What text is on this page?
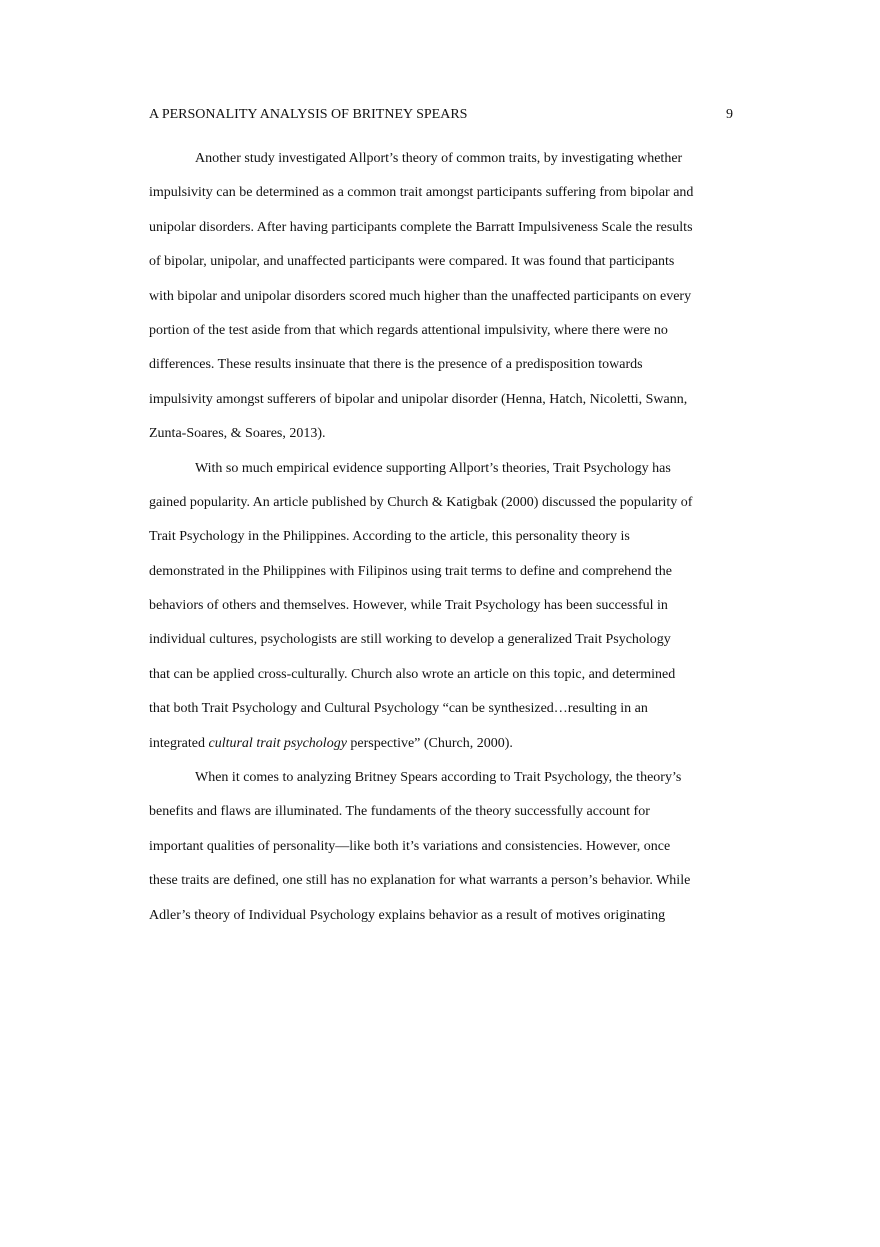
A PERSONALITY ANALYSIS OF BRITNEY SPEARS	9
Another study investigated Allport’s theory of common traits, by investigating whether
impulsivity can be determined as a common trait amongst participants suffering from bipolar and
unipolar disorders. After having participants complete the Barratt Impulsiveness Scale the results
of bipolar, unipolar, and unaffected participants were compared. It was found that participants
with bipolar and unipolar disorders scored much higher than the unaffected participants on every
portion of the test aside from that which regards attentional impulsivity, where there were no
differences. These results insinuate that there is the presence of a predisposition towards
impulsivity amongst sufferers of bipolar and unipolar disorder (Henna, Hatch, Nicoletti, Swann,
Zunta-Soares, & Soares, 2013).
With so much empirical evidence supporting Allport’s theories, Trait Psychology has
gained popularity. An article published by Church & Katigbak (2000) discussed the popularity of
Trait Psychology in the Philippines. According to the article, this personality theory is
demonstrated in the Philippines with Filipinos using trait terms to define and comprehend the
behaviors of others and themselves. However, while Trait Psychology has been successful in
individual cultures, psychologists are still working to develop a generalized Trait Psychology
that can be applied cross-culturally. Church also wrote an article on this topic, and determined
that both Trait Psychology and Cultural Psychology “can be synthesized…resulting in an
integrated cultural trait psychology perspective” (Church, 2000).
When it comes to analyzing Britney Spears according to Trait Psychology, the theory’s
benefits and flaws are illuminated. The fundaments of the theory successfully account for
important qualities of personality—like both it’s variations and consistencies. However, once
these traits are defined, one still has no explanation for what warrants a person’s behavior. While
Adler’s theory of Individual Psychology explains behavior as a result of motives originating
